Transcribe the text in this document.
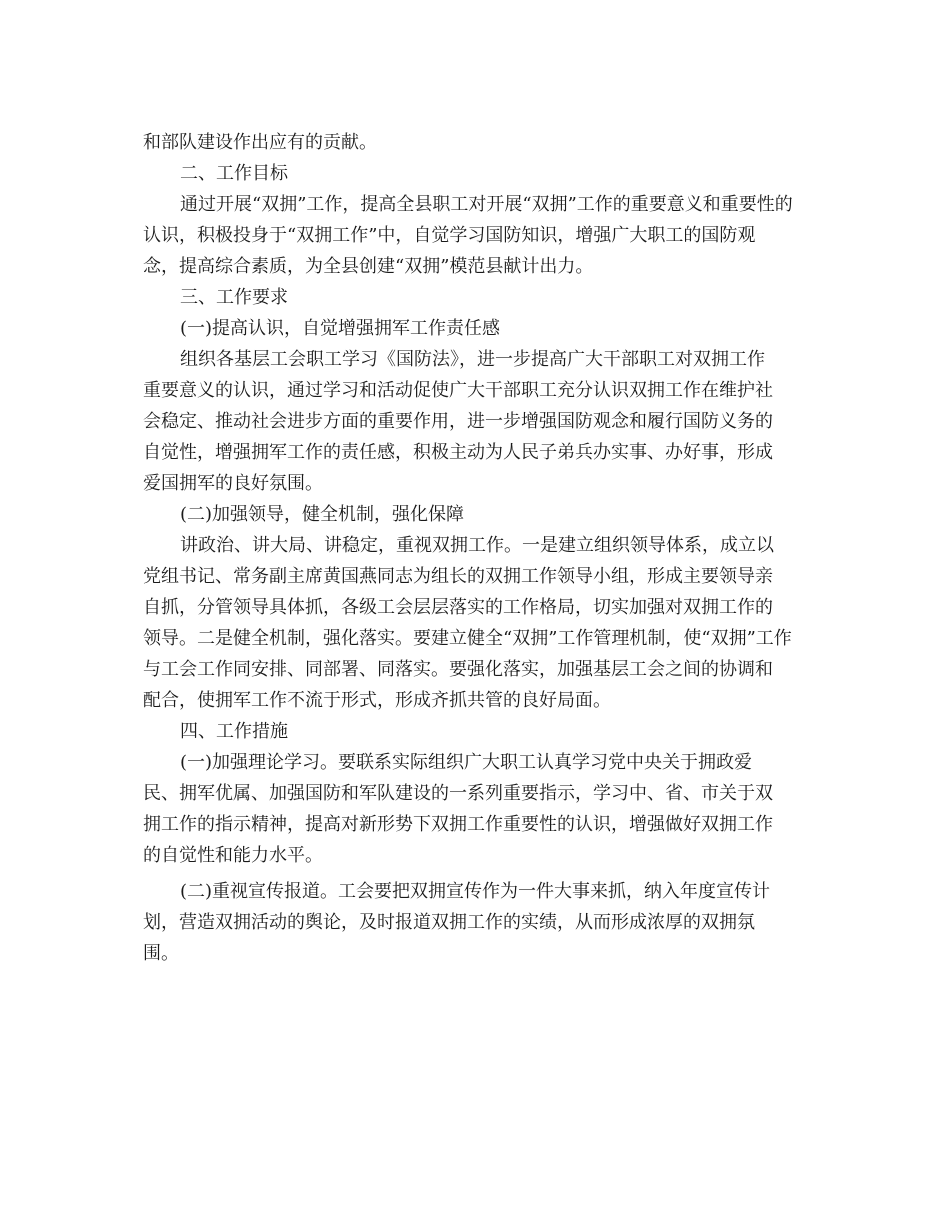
和部队建设作出应有的贡献。
二、工作目标
通过开展“双拥”工作，提高全县职工对开展“双拥”工作的重要意义和重要性的
认识，积极投身于“双拥工作”中，自觉学习国防知识，增强广大职工的国防观
念，提高综合素质，为全县创建“双拥”模范县献计出力。
三、工作要求
(一)提高认识，自觉增强拥军工作责任感
组织各基层工会职工学习《国防法》，进一步提高广大干部职工对双拥工作
重要意义的认识，通过学习和活动促使广大干部职工充分认识双拥工作在维护社
会稳定、推动社会进步方面的重要作用，进一步增强国防观念和履行国防义务的
自觉性，增强拥军工作的责任感，积极主动为人民子弟兵办实事、办好事，形成
爱国拥军的良好氛围。
(二)加强领导，健全机制，强化保障
讲政治、讲大局、讲稳定，重视双拥工作。一是建立组织领导体系，成立以
党组书记、常务副主席黄国燕同志为组长的双拥工作领导小组，形成主要领导亲
自抓，分管领导具体抓，各级工会层层落实的工作格局，切实加强对双拥工作的
领导。二是健全机制，强化落实。要建立健全“双拥”工作管理机制，使“双拥”工作
与工会工作同安排、同部署、同落实。要强化落实，加强基层工会之间的协调和
配合，使拥军工作不流于形式，形成齐抓共管的良好局面。
四、工作措施
(一)加强理论学习。要联系实际组织广大职工认真学习党中央关于拥政爱
民、拥军优属、加强国防和军队建设的一系列重要指示，学习中、省、市关于双
拥工作的指示精神，提高对新形势下双拥工作重要性的认识，增强做好双拥工作
的自觉性和能力水平。
(二)重视宣传报道。工会要把双拥宣传作为一件大事来抓，纳入年度宣传计
划，营造双拥活动的舆论，及时报道双拥工作的实绩，从而形成浓厚的双拥氛
围。
